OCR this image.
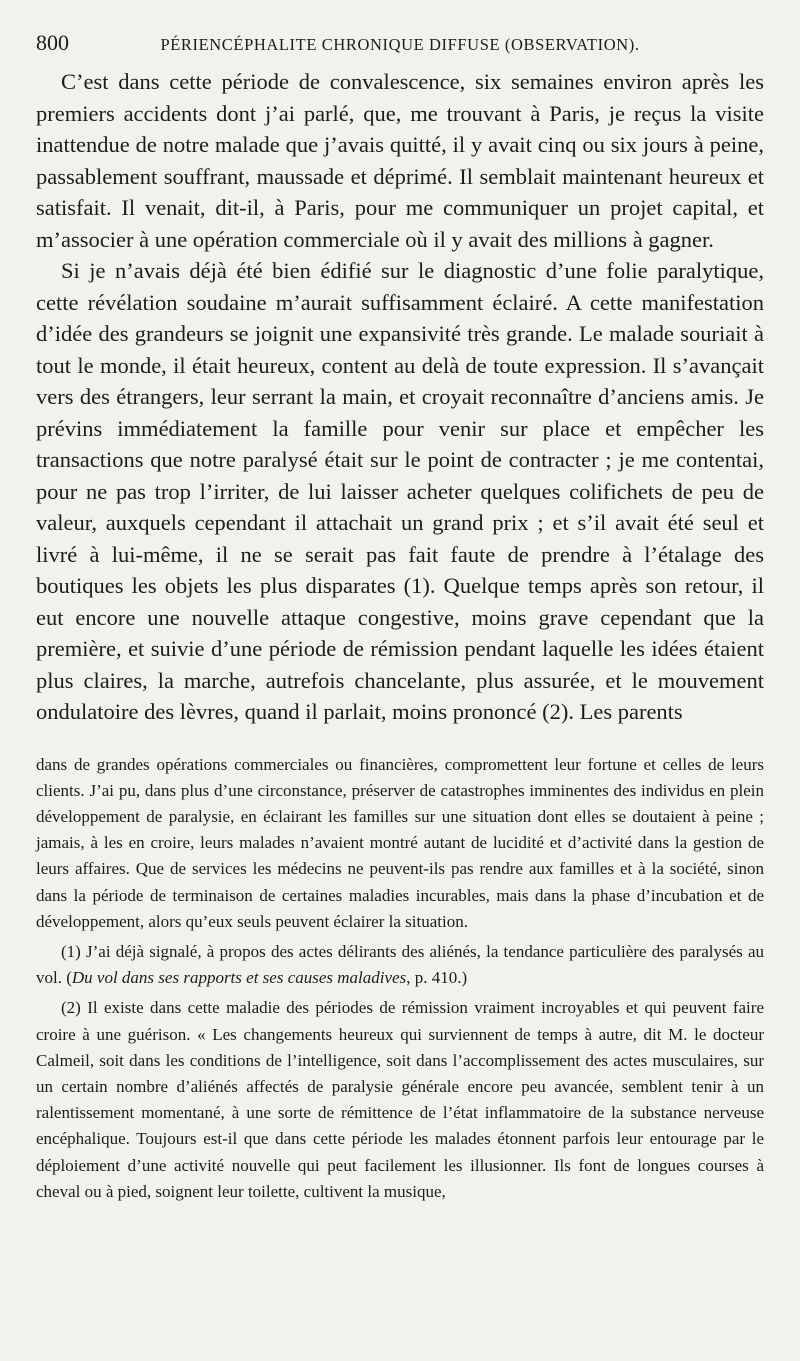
800	PÉRIENCÉPHALITE CHRONIQUE DIFFUSE (OBSERVATION).

C’est dans cette période de convalescence, six semaines environ après les premiers accidents dont j’ai parlé, que, me trouvant à Paris, je reçus la visite inattendue de notre malade que j’avais quitté, il y avait cinq ou six jours à peine, passablement souffrant, maussade et déprimé. Il semblait maintenant heureux et satisfait. Il venait, dit-il, à Paris, pour me communiquer un projet capital, et m’associer à une opération commerciale où il y avait des millions à gagner.

Si je n’avais déjà été bien édifié sur le diagnostic d’une folie paralytique, cette révélation soudaine m’aurait suffisamment éclairé. A cette manifestation d’idée des grandeurs se joignit une expansivité très grande. Le malade souriait à tout le monde, il était heureux, content au delà de toute expression. Il s’avançait vers des étrangers, leur serrant la main, et croyait reconnaître d’anciens amis. Je prévins immédiatement la famille pour venir sur place et empêcher les transactions que notre paralysé était sur le point de contracter ; je me contentai, pour ne pas trop l’irriter, de lui laisser acheter quelques colifichets de peu de valeur, auxquels cependant il attachait un grand prix ; et s’il avait été seul et livré à lui-même, il ne se serait pas fait faute de prendre à l’étalage des boutiques les objets les plus disparates (1). Quelque temps après son retour, il eut encore une nouvelle attaque congestive, moins grave cependant que la première, et suivie d’une période de rémission pendant laquelle les idées étaient plus claires, la marche, autrefois chancelante, plus assurée, et le mouvement ondulatoire des lèvres, quand il parlait, moins prononcé (2). Les parents

dans de grandes opérations commerciales ou financières, compromettent leur fortune et celles de leurs clients. J’ai pu, dans plus d’une circonstance, préserver de catastrophes imminentes des individus en plein développement de paralysie, en éclairant les familles sur une situation dont elles se doutaient à peine ; jamais, à les en croire, leurs malades n’avaient montré autant de lucidité et d’activité dans la gestion de leurs affaires. Que de services les médecins ne peuvent-ils pas rendre aux familles et à la société, sinon dans la période de terminaison de certaines maladies incurables, mais dans la phase d’incubation et de développement, alors qu’eux seuls peuvent éclairer la situation.

(1) J’ai déjà signalé, à propos des actes délirants des aliénés, la tendance particulière des paralysés au vol. (Du vol dans ses rapports et ses causes maladives, p. 410.)

(2) Il existe dans cette maladie des périodes de rémission vraiment incroyables et qui peuvent faire croire à une guérison. « Les changements heureux qui surviennent de temps à autre, dit M. le docteur Calmeil, soit dans les conditions de l’intelligence, soit dans l’accomplissement des actes musculaires, sur un certain nombre d’aliénés affectés de paralysie générale encore peu avancée, semblent tenir à un ralentissement momentané, à une sorte de rémittence de l’état inflammatoire de la substance nerveuse encéphalique. Toujours est-il que dans cette période les malades étonnent parfois leur entourage par le déploiement d’une activité nouvelle qui peut facilement les illusionner. Ils font de longues courses à cheval ou à pied, soignent leur toilette, cultivent la musique,
